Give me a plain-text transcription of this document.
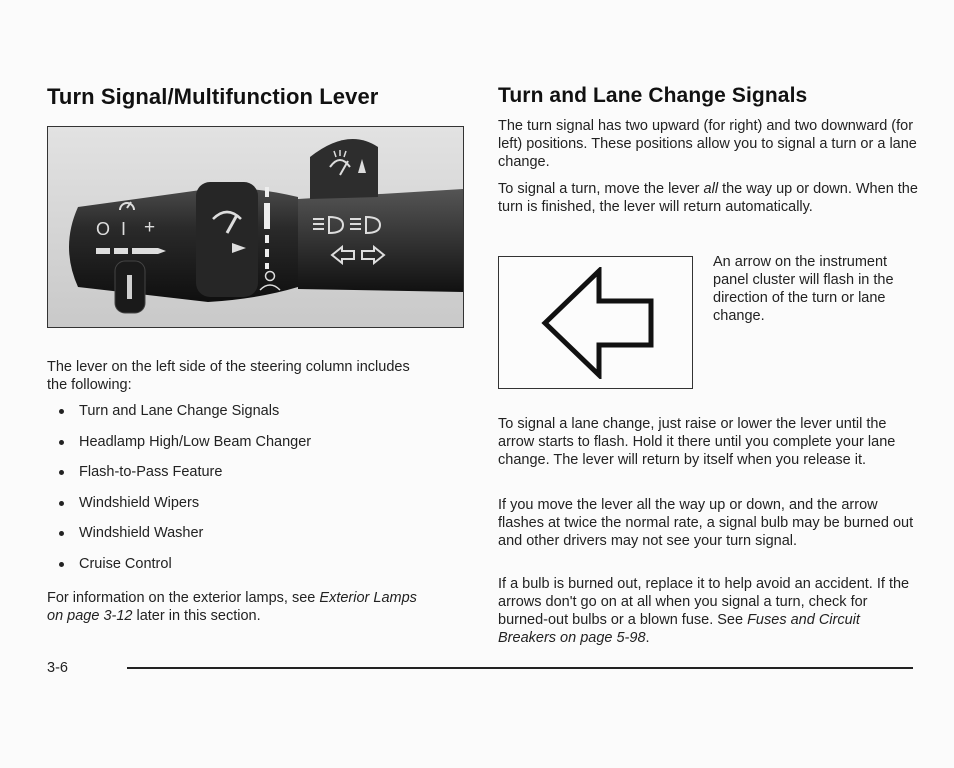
Turn Signal/Multifunction Lever
O I +

The lever on the left side of the steering column includes the following:

Turn and Lane Change Signals
Headlamp High/Low Beam Changer
Flash-to-Pass Feature
Windshield Wipers
Windshield Washer
Cruise Control

For information on the exterior lamps, see Exterior Lamps on page 3-12 later in this section.

Turn and Lane Change Signals

The turn signal has two upward (for right) and two downward (for left) positions. These positions allow you to signal a turn or a lane change.

To signal a turn, move the lever all the way up or down. When the turn is finished, the lever will return automatically.

An arrow on the instrument panel cluster will flash in the direction of the turn or lane change.

To signal a lane change, just raise or lower the lever until the arrow starts to flash. Hold it there until you complete your lane change. The lever will return by itself when you release it.

If you move the lever all the way up or down, and the arrow flashes at twice the normal rate, a signal bulb may be burned out and other drivers may not see your turn signal.

If a bulb is burned out, replace it to help avoid an accident. If the arrows don't go on at all when you signal a turn, check for burned-out bulbs or a blown fuse. See Fuses and Circuit Breakers on page 5-98.

3-6
